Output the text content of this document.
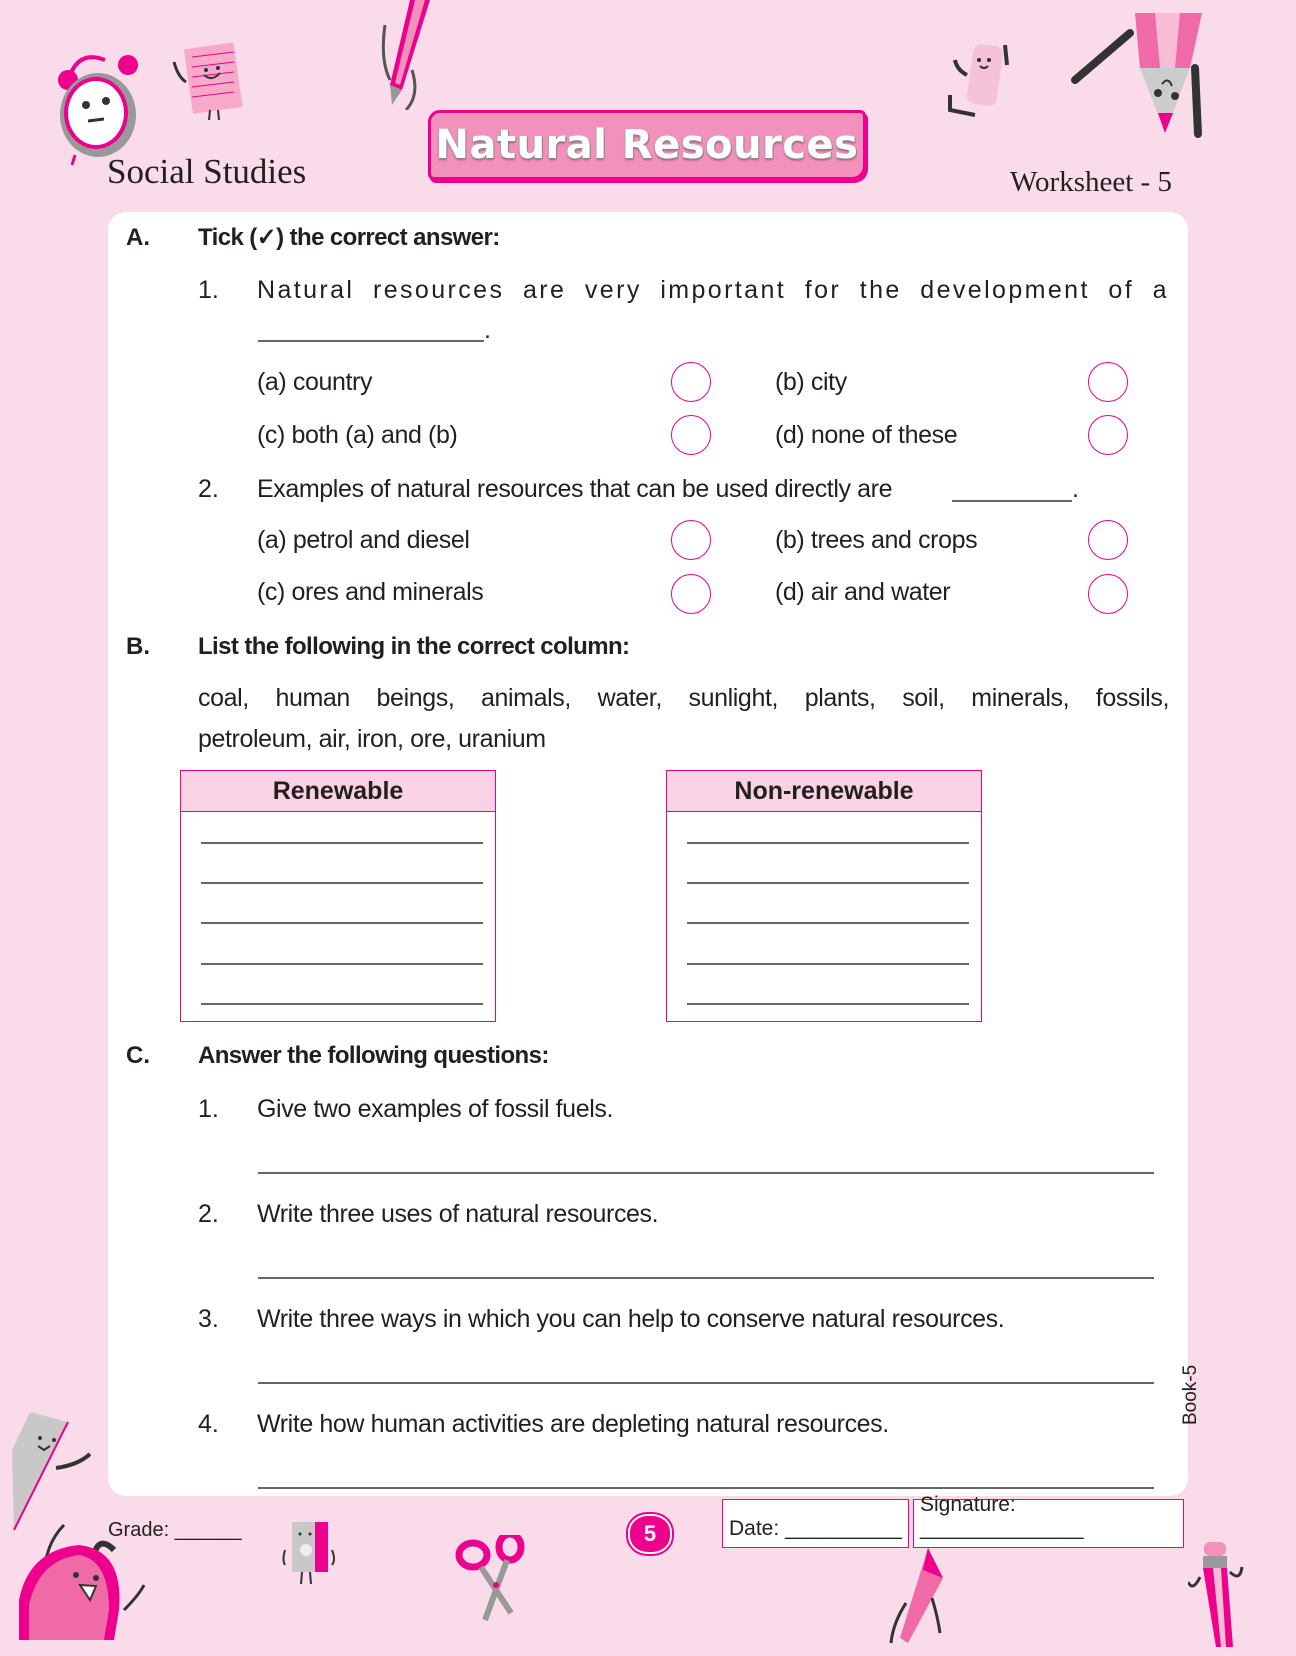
Social Studies
Natural Resources
Worksheet - 5
A. Tick (✓) the correct answer:
1. Natural resources are very important for the development of a
.
(a) country	(b) city
(c) both (a) and (b)	(d) none of these
2. Examples of natural resources that can be used directly are	.
(a) petrol and diesel	(b) trees and crops
(c) ores and minerals	(d) air and water
B. List the following in the correct column:
coal, human beings, animals, water, sunlight, plants, soil, minerals, fossils,
petroleum, air, iron, ore, uranium
Renewable	Non-renewable
C. Answer the following questions:
1. Give two examples of fossil fuels.
2. Write three uses of natural resources.
3. Write three ways in which you can help to conserve natural resources.
4. Write how human activities are depleting natural resources.	Book-5
Grade: ______	5	Date: __________
Signature: ______________
